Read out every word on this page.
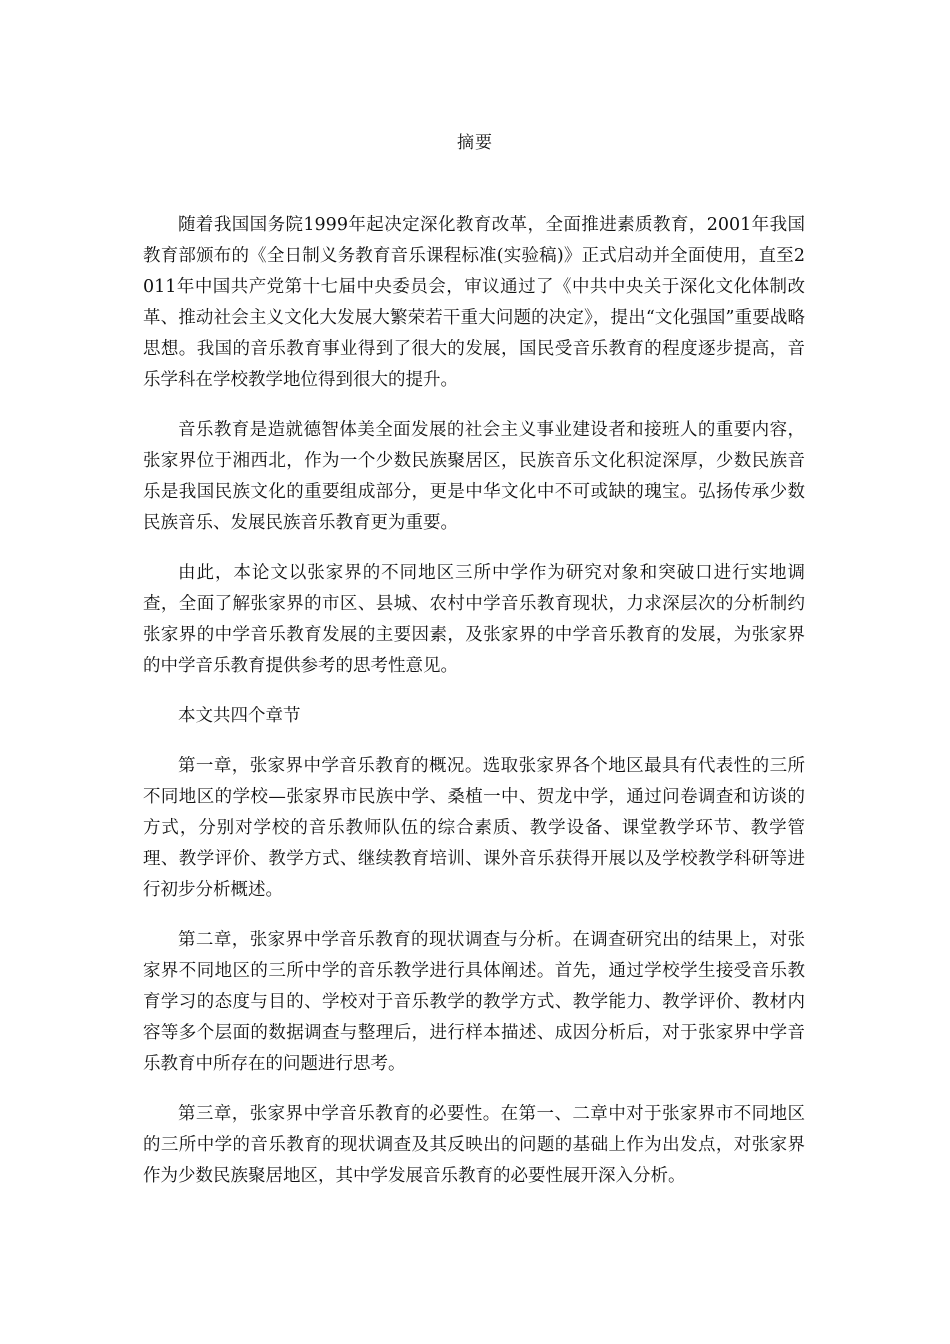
摘要

随着我国国务院1999年起决定深化教育改革，全面推进素质教育，2001年我国教育部颁布的《全日制义务教育音乐课程标准(实验稿)》正式启动并全面使用，直至2011年中国共产党第十七届中央委员会，审议通过了《中共中央关于深化文化体制改革、推动社会主义文化大发展大繁荣若干重大问题的决定》，提出“文化强国”重要战略思想。我国的音乐教育事业得到了很大的发展，国民受音乐教育的程度逐步提高，音乐学科在学校教学地位得到很大的提升。

音乐教育是造就德智体美全面发展的社会主义事业建设者和接班人的重要内容，张家界位于湘西北，作为一个少数民族聚居区，民族音乐文化积淀深厚，少数民族音乐是我国民族文化的重要组成部分，更是中华文化中不可或缺的瑰宝。弘扬传承少数民族音乐、发展民族音乐教育更为重要。

由此，本论文以张家界的不同地区三所中学作为研究对象和突破口进行实地调查，全面了解张家界的市区、县城、农村中学音乐教育现状，力求深层次的分析制约张家界的中学音乐教育发展的主要因素，及张家界的中学音乐教育的发展，为张家界的中学音乐教育提供参考的思考性意见。

本文共四个章节

第一章，张家界中学音乐教育的概况。选取张家界各个地区最具有代表性的三所不同地区的学校—张家界市民族中学、桑植一中、贺龙中学，通过问卷调查和访谈的方式，分别对学校的音乐教师队伍的综合素质、教学设备、课堂教学环节、教学管理、教学评价、教学方式、继续教育培训、课外音乐获得开展以及学校教学科研等进行初步分析概述。

第二章，张家界中学音乐教育的现状调查与分析。在调查研究出的结果上，对张家界不同地区的三所中学的音乐教学进行具体阐述。首先，通过学校学生接受音乐教育学习的态度与目的、学校对于音乐教学的教学方式、教学能力、教学评价、教材内容等多个层面的数据调查与整理后，进行样本描述、成因分析后，对于张家界中学音乐教育中所存在的问题进行思考。

第三章，张家界中学音乐教育的必要性。在第一、二章中对于张家界市不同地区的三所中学的音乐教育的现状调查及其反映出的问题的基础上作为出发点，对张家界作为少数民族聚居地区，其中学发展音乐教育的必要性展开深入分析。
